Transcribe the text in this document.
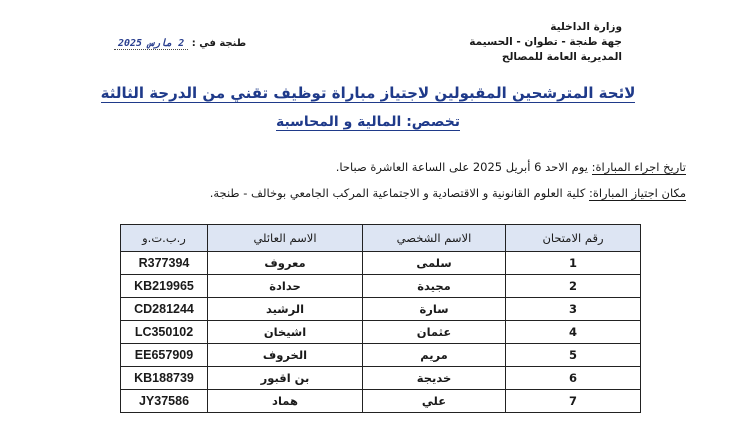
وزارة الداخلية
جهة طنجة - تطوان - الحسيمة
المديرية العامة للمصالح
طنجة في : 2 مارس 2025
لائحة المترشحين المقبولين لاجتياز مباراة توظيف تقني من الدرجة الثالثة
تخصص: المالية و المحاسبة
تاريخ اجراء المباراة: يوم الاحد 6 أبريل 2025 على الساعة العاشرة صباحا.
مكان اجتياز المباراة: كلية العلوم القانونية و الاقتصادية و الاجتماعية المركب الجامعي بوخالف - طنجة.
رقم الامتحان	الاسم الشخصي	الاسم العائلي	ر.ب.ت.و
1	سلمى	معروف	R377394
2	مجيدة	حدادة	KB219965
3	سارة	الرشيد	CD281244
4	عثمان	اشيخان	LC350102
5	مريم	الخروف	EE657909
6	خديجة	بن اقبور	KB188739
7	علي	هماد	JY37586
